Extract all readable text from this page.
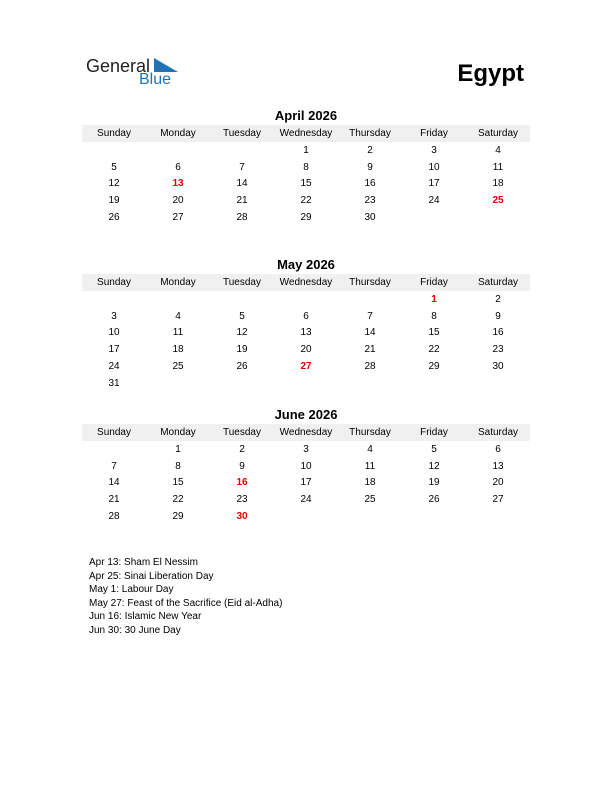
General
Blue	Egypt
April 2026
Sunday	Monday	Tuesday	Wednesday	Thursday	Friday	Saturday
			1	2	3	4
5	6	7	8	9	10	11
12	13	14	15	16	17	18
19	20	21	22	23	24	25
26	27	28	29	30		
May 2026
Sunday	Monday	Tuesday	Wednesday	Thursday	Friday	Saturday
					1	2
3	4	5	6	7	8	9
10	11	12	13	14	15	16
17	18	19	20	21	22	23
24	25	26	27	28	29	30
31						
June 2026
Sunday	Monday	Tuesday	Wednesday	Thursday	Friday	Saturday
	1	2	3	4	5	6
7	8	9	10	11	12	13
14	15	16	17	18	19	20
21	22	23	24	25	26	27
28	29	30				
Apr 13: Sham El Nessim
Apr 25: Sinai Liberation Day
May 1: Labour Day
May 27: Feast of the Sacrifice (Eid al-Adha)
Jun 16: Islamic New Year
Jun 30: 30 June Day
